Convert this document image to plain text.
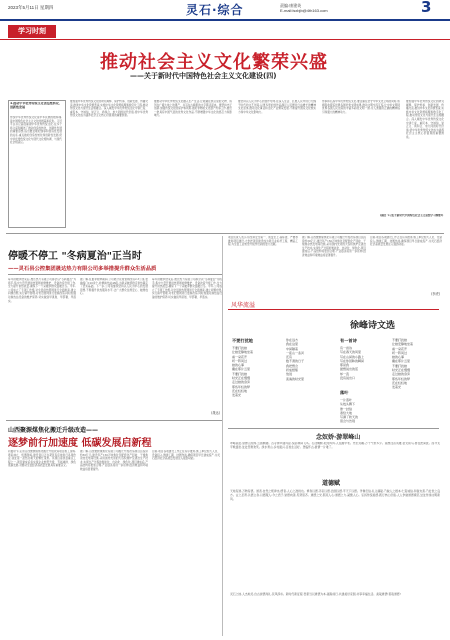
2023年5月11日 星期四	灵石·综合	责编:康建英
E-mail:lsxbjb@4th163.com	3
学习时刻
推动社会主义文化繁荣兴盛
——关于新时代中国特色社会主义文化建设(四)
4.推动中华优秀传统文化创造性转化、创新性发展
传统中华优秀传统文化是中华民族的根和魂,是中国特色社会主义文化的根基和底色。习近平总书记高度重视中华优秀传统文化,在多个场合深刻阐述了推动创造性转化、创新性发展的重要思想,指出要处理好继承和创造性发展的关系,重点做好创造性转化和创新性发展,使中华优秀传统文化与现代文化相协调、与现代社会相适应。
要加强中华优秀传统文化的研究阐释、保护传承、创新发展、传播交流,推进中华文化资源普查,实施中华文化资源梳理和数字化工程,推动传统文化与现代生活相融合。深入阐发中华优秀传统文化中讲仁爱、重民本、守诚信、崇正义、尚和合、求大同的时代价值,使中华优秀传统文化成为涵养社会主义核心价值观的重要源泉。
要推动中华优秀传统文化融入生产生活,让收藏在禁宫里的文物、陈列在广阔大地上的遗产、书写在古籍里的文字都活起来。要坚持守正创新,加强传统文化的保护和利用,做好非物质文化遗产传承工作,推出一批具有中国气派的优秀文化作品,不断增强中华文化的感召力和影响力。
要坚持以人民为中心的创作导向,在深入生活、扎根人民中进行无愧于时代的文艺创造,以更多更好的作品满足人民群众日益增长的精神文化需求,推动文化事业和文化产业繁荣发展,不断提升国家文化软实力和中华文化影响力。
传承和弘扬中华优秀传统文化,要注重在坚守中华文化立场的同时,积极吸收借鉴世界各国优秀文明成果,推动文明交流互鉴,让中华文明同世界各国人民创造的丰富多彩的文明一道,为人类提供正确的精神指引和强大的精神动力。
要加强中华优秀传统文化的研究阐释、保护传承、创新发展、传播交流,推进中华文化资源普查,实施中华文化资源梳理和数字化工程,推动传统文化与现代生活相融合。深入阐发中华优秀传统文化中讲仁爱、重民本、守诚信、崇正义、尚和合、求大同的时代价值,使中华优秀传统文化成为涵养社会主义核心价值观的重要源泉。
(摘自《习近平新时代中国特色社会主义思想学习纲要》)
停暖不停工 "冬病夏治"正当时
——灵石县公控集团晟达热力有限公司多举措提升群众生活品质
每年供暖季结束后,晟达热力有限公司都会以"冬病夏治"为抓手,集中力量开展供热管网检修维护、设备改造升级工作,全力提升供热质量,确保下一个采暖季群众温暖过冬。今年,公司成立了专项工作组,对全县供热管网进行全面排查,建立问题台账,实行销号管理,对老旧管网进行更换改造,同时加强对换热站设备的维护保养,切实做到早谋划、早部署、早落实。
据了解,在夏季检修期间,公司累计完成管网改造2.3公里,更换阀门120余个,检修换热站46座,为新采暖季稳定供热奠定了坚实基础。下一步,公司将继续坚持以人民为中心的发展思想,不断提升供热服务水平,让广大群众住得安心、暖得放心。
每年供暖季结束后,晟达热力有限公司都会以"冬病夏治"为抓手,集中力量开展供热管网检修维护、设备改造升级工作,全力提升供热质量,确保下一个采暖季群众温暖过冬。今年,公司成立了专项工作组,对全县供热管网进行全面排查,建立问题台账,实行销号管理,对老旧管网进行更换改造,同时加强对换热站设备的维护保养,切实做到早谋划、早部署、早落实。
(晟达)
山西聚源煤焦化搬迁升级改造——
逐梦前行加速度 低碳发展启新程
初夏时节,走进山西聚源煤焦化搬迁升级改造项目施工现场,塔吊林立、机器轰鸣,建设者们正在紧张有序地进行各项作业,到处是一派热火朝天的繁忙景象。该项目是我县重点工程之一,项目建成后将实现企业转型升级、节能减排、绿色低碳发展,对推动全县经济高质量发展具有重要意义。
据了解,山西聚源煤焦化有限公司搬迁升级改造项目总投资约30亿元,建设年产150万吨焦化及配套化产回收、干熄焦余热发电等设施,采用国内先进的大容积焦炉及清洁生产技术,实现生产过程的智能化、自动化、绿色化,项目建成后,产品结构将更加合理,产业链条将进一步延伸,经济效益和环境效益将显著提升。
目前,项目各项建设工作正在有序推进,施工单位加大人员、设备投入,倒排工期、挂图作战,确保项目早日建成投产,为灵石经济社会高质量发展注入强劲动能。
项目负责人表示,将坚持安全第一、质量至上,高标准、严要求推进项目建设,力争把项目建设成为同行业标杆工程、精品工程,为全县工业转型升级作出新的更大贡献。
据了解,山西聚源煤焦化有限公司搬迁升级改造项目总投资约30亿元,建设年产150万吨焦化及配套化产回收、干熄焦余热发电等设施,采用国内先进的大容积焦炉及清洁生产技术,实现生产过程的智能化、自动化、绿色化,项目建成后,产品结构将更加合理,产业链条将进一步延伸,经济效益和环境效益将显著提升。
目前,项目各项建设工作正在有序推进,施工单位加大人员、设备投入,倒排工期、挂图作战,确保项目早日建成投产,为灵石经济社会高质量发展注入强劲动能。
(李虎)
风华流溢
徐峰诗文选
不要打扰她
不要打扰她
让她安静地坐着
看一朵花开
听一阵风过
她的心事
藏在那片云里
不要打扰她
时光正在慢慢
走过她的身旁
那些年轻的梦
还在轻轻地
发着光
你在远方
我在这里
中间隔着
一座山一条河
还有
数不清的日子
我把想念
折成纸船
放进
流淌的时光里
有一首诗
有一首诗
写在春天的风里
写在山间的小路上
写在你回眸的瞬间
那是我
最想说出的话
却一直
没有说出口
不要打扰她
让她安静地坐着
看一朵花开
听一阵风过
她的心事
藏在那片云里
不要打扰她
时光正在慢慢
走过她的身旁
那些年轻的梦
还在轻轻地
发着光
落叶
一片落叶
从枝头飘下
像一封信
寄给大地
写满了秋天的
思念与告别
念奴娇·游翠峰山
翠峰高处,望群山连绵,云霞飘渺。古寺钟声随风起,惊起林间飞鸟。石径蜿蜒,松涛阵阵,人在画中老。凭栏远眺,万千气象多少。遥想往昔英雄,金戈铁马,曾在此间扰。而今太平歌盛世,处处笙歌欢笑。绿水青山,乡村振兴,百姓生活好。登临怀古,豪情一片难了。
道德赋
天地有道,万物有德。道者,自然之规律也;德者,人心之准则也。修身以德,齐家以德,治国以德,平天下以德。孝悌忠信,礼义廉耻,乃做人之根本;仁爱诚信,和谐友善,乃处世之良方。古之圣贤,以德立身,以德服人;今之君子,崇德向善,见贤思齐。道德之光,照亮人心;道德之力,凝聚人心。弘扬传统美德,践行核心价值,人人争做道德模范,处处传递文明新风。
灵石之地,人杰地灵,自古崇德尚礼,民风淳朴。新时代新征程,吾辈当以道德为本,砥砺前行,共建美好家园,共享幸福生活。美哉道德!善哉道德!
